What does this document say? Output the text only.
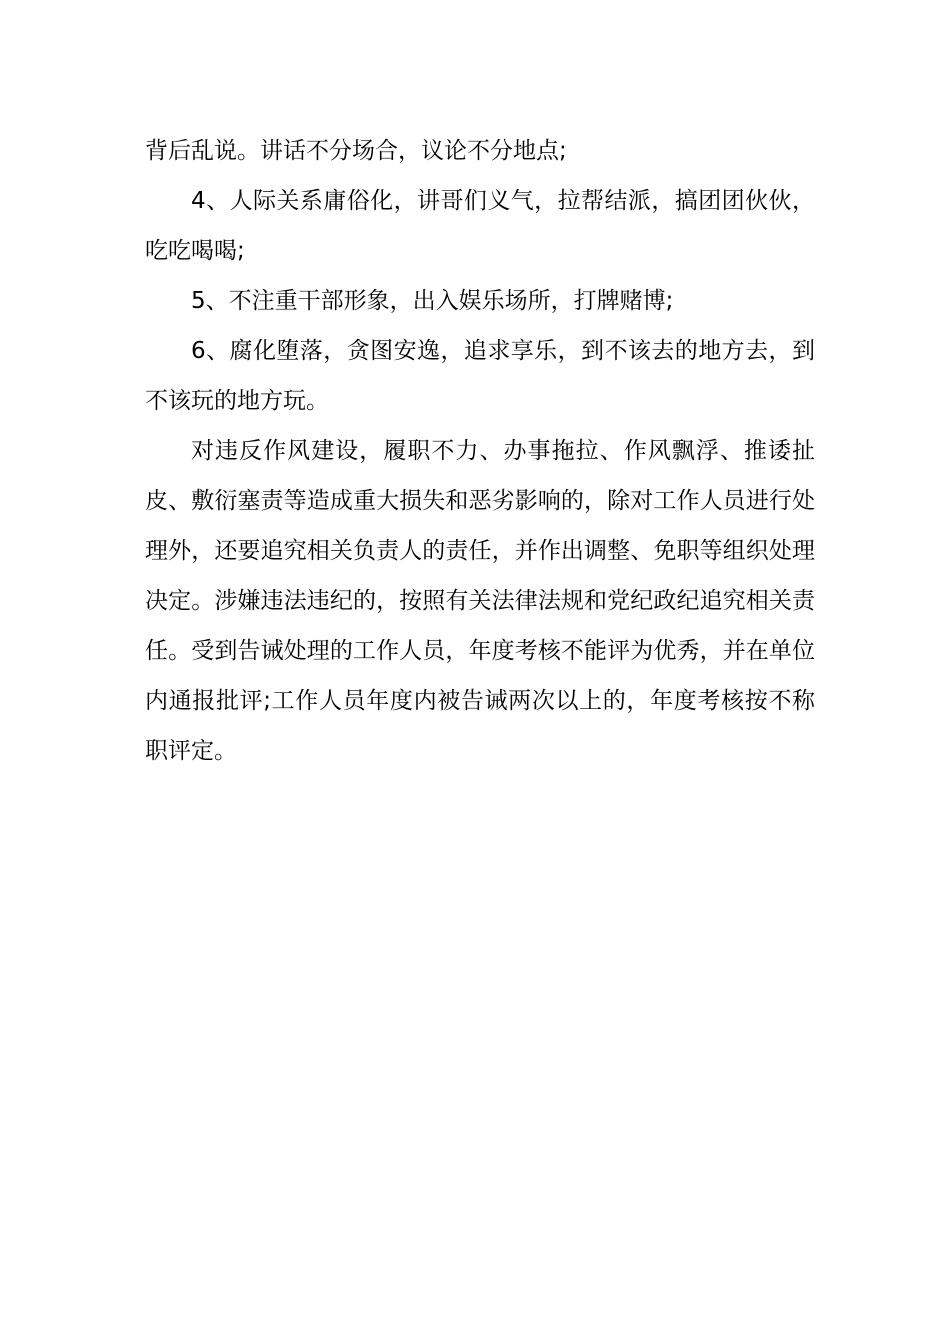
背后乱说。讲话不分场合，议论不分地点;

4、人际关系庸俗化，讲哥们义气，拉帮结派，搞团团伙伙，吃吃喝喝;

5、不注重干部形象，出入娱乐场所，打牌赌博;

6、腐化堕落，贪图安逸，追求享乐，到不该去的地方去，到不该玩的地方玩。

对违反作风建设，履职不力、办事拖拉、作风飘浮、推诿扯皮、敷衍塞责等造成重大损失和恶劣影响的，除对工作人员进行处理外，还要追究相关负责人的责任，并作出调整、免职等组织处理决定。涉嫌违法违纪的，按照有关法律法规和党纪政纪追究相关责任。受到告诫处理的工作人员，年度考核不能评为优秀，并在单位内通报批评;工作人员年度内被告诫两次以上的，年度考核按不称职评定。
